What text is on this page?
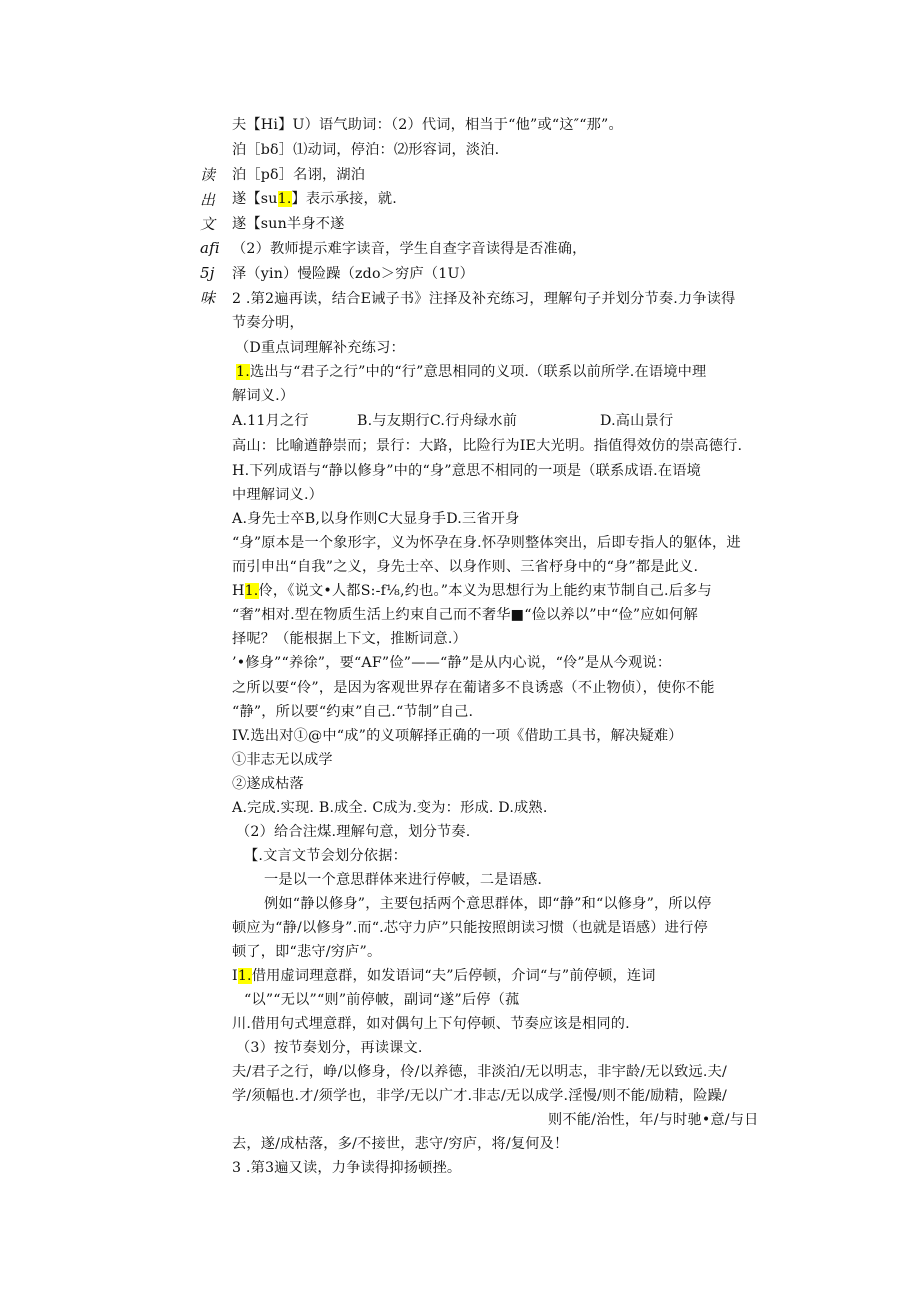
读
出
文
afi
5j
味
夫【Hi】U）语气助词：（2）代词，相当于“他”或“这″“那”。
泊［bδ］⑴动词，停泊：⑵形容词，淡泊.
泊［pδ］名诩，湖泊
遂【su1.】表示承接，就.
遂【sun半身不遂
（2）教师提示难字读音，学生自查字音读得是否准确，
泽（yin）慢险躁（zdo＞穷庐（1U）
2 .第2遍再读，结合E诫子书》注择及补充练习，理解句子并划分节奏.力争读得
节奏分明，
（D重点词理解补充练习：
1.选出与“君子之行”中的“行”意思相同的义项.（联系以前所学.在语境中理
解词义.）
A.11月之行	B.与友期行C.行舟绿水前	D.高山景行
高山：比喻遒静崇而；景行：大路，比险行为IE大光明。指值得效仿的崇高德行.
H.下列成语与“静以修身”中的“身”意思不相同的一项是（联系成语.在语境
中理解词义.）
A.身先士卒B,以身作则C大显身手D.三省开身
“身”原本是一个象形字，义为怀孕在身.怀孕则整体突出，后即专指人的躯体，进
而引申出“自我”之义，身先士卒、以身作则、三省杼身中的“身”都是此义.
H1.伶，《说文•人都S:-f⅛,约也。”本义为思想行为上能约束节制自己.后多与
“奢”相对.型在物质生活上约束自己而不奢华■“俭以养以”中“俭”应如何解
择呢？（能根据上下文，推断词意.）
’•修身”“养徐”，要“AF”俭”——“静”是从内心说，“伶”是从今观说：
之所以要“伶”，是因为客观世界存在葡诸多不良诱惑（不止物侦），使你不能
“静”，所以要“约束”自己.“节制”自己.
IV.选出对①@中“成”的义项解择正确的一项《借助工具书，解决疑难）
①非志无以成学
②遂成枯落
A.完成.实现. B.成全. C成为.变为：形成. D.成熟.
（2）给合注煤.理解句意，划分节奏.
【.文言文节会划分依据：
一是以一个意思群体来进行停帔，二是语感.
例如“静以修身”，主要包括两个意思群体，即“静”和“以修身”，所以停
顿应为“静/以修身”.而“.芯守力庐”只能按照朗读习惯（也就是语感）进行停
顿了，即“悲守/穷庐”。
I1.借用虚词理意群，如发语词“夫”后停顿，介词“与”前停顿，连词
“以”“无以”“则”前停帔，副词“遂”后停（菰
川.借用句式埋意群，如对偶句上下句停顿、节奏应该是相同的.
（3）按节奏划分，再读课文.
夫/君子之行，峥/以修身，伶/以养德，非淡泊/无以明志，非宇龄/无以致远.夫/
学/须幅也.才/须学也，非学/无以广才.非志/无以成学.淫慢/则不能/励精，险躁/
则不能/治性，年/与时驰•意/与日
去，遂/成枯落，多/不接世，悲守/穷庐，将/复何及！
3 .第3遍又读，力争读得抑扬顿挫。
